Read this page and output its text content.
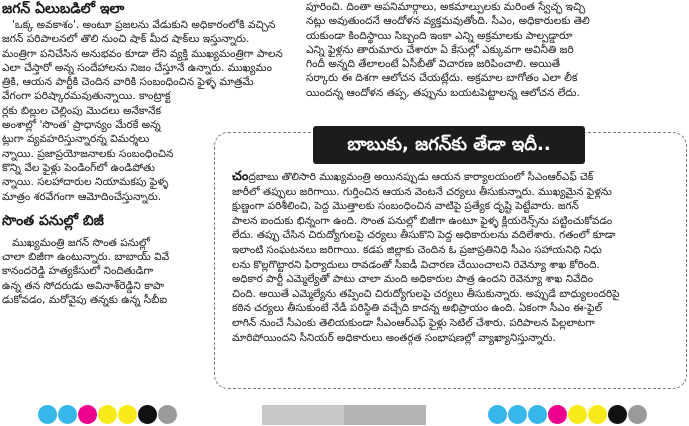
జగన్ ఏలుబడిలో ఇలా

'ఒక్క అవకాశం'. అంటూ ప్రజలను వేడుకుని అధికారంలోకి వచ్చిన
జగన్ పరిపాలనలో తొలి నుంచి షాక్ మీద షాక్‌లు ఇస్తున్నారు.
మంత్రిగా పనిచేసిన అనుభవం కూడా లేని వ్యక్తి ముఖ్యమంత్రిగా పాలన
ఎలా చేస్తారో అన్న సందేహాలను నిజం చేస్తూనే ఉన్నారు. ముఖ్యమం
త్రికి, ఆయన పార్టీకి చెందిన వారికి సంబంధించిన ఫైళ్ళ మాత్రమే
వేగంగా పరిష్కారమవుతున్నాయి. కాంట్రాక్ట
ర్లకు బిల్లుల చెల్లింపు మొదలు అనేకానేక
అంశాల్లో 'సొంత' ప్రాధాన్యం మేరకే అన్న
ట్లుగా వ్యవహరిస్తున్నారన్న విమర్శలు
న్నాయి. ప్రజాప్రయోజనాలకు సంబంధించిన
కొన్ని వేల ఫైళ్లు పెండింగ్‌లో ఉండిపోతు
న్నాయి. సలహాదారుల నియామకపు ఫైళ్ళ
మాత్రం శరవేగంగా ఆమోదించేస్తున్నారు.

సొంత పనుల్లో బిజీ

ముఖ్యమంత్రి జగన్ సొంత పనుల్లో
చాలా బిజీగా ఉంటున్నారు. బాబాయ్ వివే
కానందరెడ్డి హత్యకేసులో నిందితుడిగా
ఉన్న తన సోదరుడు అవినాశ్‌రెడ్డిని కాపా
డుకోవడం, మరోవైపు తన్నకు ఉన్న సీబీఐ

పూరించి. దింతా అపనిమార్గాలు, అకమాల్పులకు మరింత స్వేచ్ఛ ఇచ్చి
నట్లు అవుతుందనే ఆందోళన వ్యక్తమవుతోంది. సీఎం, అధికారులకు తెలి
యకుండా కిందిస్థాయి సిబ్బంది ఇంకా ఎన్ని అక్రమాలకు పాల్పడ్డారూ
ఎన్ని ఫైళ్లను తారుమారు చేశారూ ఏ కేసుల్లో ఎక్కువగా అవినీతి జరి
గిందీ అన్నది తేలాలంటే ఏసీబీతో విచారణ జరిపించాలి. అయితే
సర్కారు ఈ దిశగా ఆలోచన చేయట్లేదు. అక్రమాల బాగోతం ఎలా లీక
యిందన్న ఆందోళన తప్ప, తప్పును బయటపెట్టాలన్న ఆలోచన లేదు.

బాబుకు, జగన్‌కు తేడా ఇదీ..

చంద్రబాబు తొలిసారి ముఖ్యమంత్రి అయినప్పుడు ఆయన కార్యాలయంలో సీఎంఆర్ఎఫ్ చెక్
జారీలో తప్పులు జరిగాయి. గుర్తించిన ఆయన వెంటనే చర్యలు తీసుకున్నారు. ముఖ్యమైన ఫైళ్లను
క్షుణ్ణంగా పరిశీలించి, పెద్ద మొత్తాలకు సంబంధించిన వాటిపై ప్రత్యేక దృష్టి పెట్టేవారు. జగన్
పాలన ఐందుకు భిన్నంగా ఉంది. సొంత పనుల్లో బిజీగా ఉంటూ ఫైళ్ళ క్లియరెన్స్‌ను పట్టించుకోవడం
లేదు. తప్పు చేసిన చిరుద్యోగులపై చర్యలు తీసుకొని పెద్ద అధికారులను వదిలేశారు. గతంలో కూడా
ఇలాంటి సంఘటనలు జరిగాయి. కడప జిల్లాకు చెందిన ఓ ప్రజాప్రతినిధి సీఎం సహాయనిధి నిధు
లను కొల్లగొట్టారని ఫిర్యాదులు రావడంతో సీఐడీ విచారణ చేయించాలని రెవెన్యూ శాఖ కోరింది.
అధికార పార్టీ ఎమ్మెల్యేతో పాటు చాలా మంది అధికారుల పాత్ర ఉందని రెవెన్యూ శాఖ నివేదిం
చింది. అయితే ఎమ్మెల్యేను తప్పించి చిరుద్యోగులపై చర్యలు తీసుకున్నారు. అప్పుడే బాధ్యులందరిపై
కఠిన చర్యలు తీసుకుంటే నేడీ పరిస్థితి వచ్చేది కాదన్న అభిప్రాయం ఉంది. ఏకంగా సీఎం ఈ-ఫైల్
లాగిన్ నుంచే సీఎంకు తెలియకుండా సీఎంఆర్ఎఫ్ ఫైళ్లు సెటిల్ చేశారు. పరిపాలన పిల్లలాటగా
మారిపోయిందని సీనియర్ అధికారులు అంతర్గత సంభాషణల్లో వ్యాఖ్యానిస్తున్నారు.
